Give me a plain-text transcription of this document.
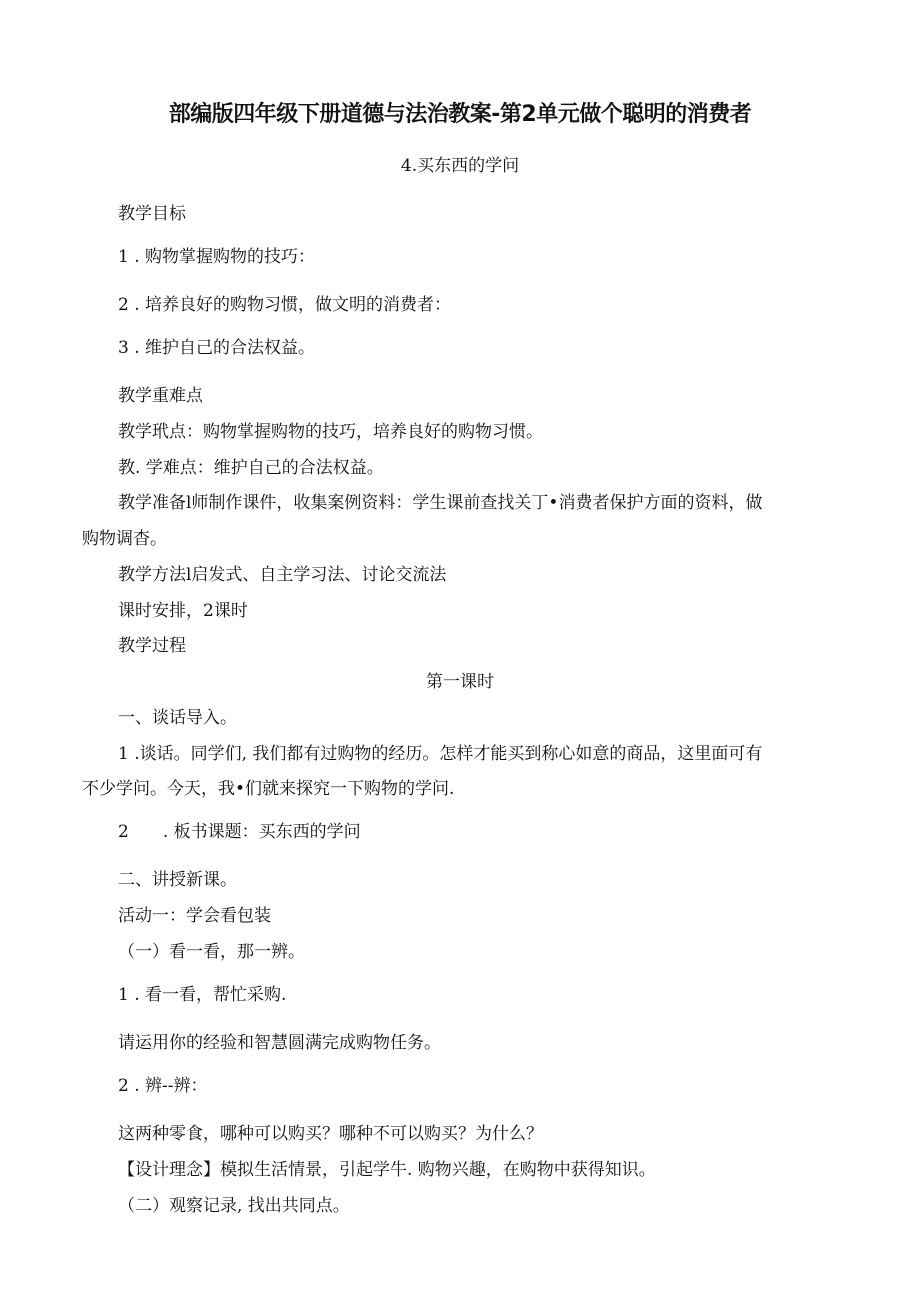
部编版四年级下册道德与法治教案-第2单元做个聪明的消费者
4.买东西的学问
教学目标
1 . 购物掌握购物的技巧：
2 . 培养良好的购物习惯，做文明的消费者：
3 . 维护自己的合法权益。
教学重难点
教学玳点：购物掌握购物的技巧，培养良好的购物习惯。
教. 学难点：维护自己的合法权益。
教学准备l师制作课件，收集案例资料：学生课前查找关丁•消费者保护方面的资料，做
购物调杳。
教学方法l启发式、自主学习法、讨论交流法
课时安排，2课时
教学过程
第一课时
一、谈话导入。
1 .谈话。同学们, 我们都有过购物的经历。怎样才能买到称心如意的商品，这里面可有
不少学问。今天，我•们就来探究一下购物的学问.
2　　. 板书课题：买东西的学问
二、讲授新课。
活动一：学会看包装
（一）看一看，那一辨。
1 . 看一看，帮忙采购.
请运用你的经验和智慧圆满完成购物任务。
2 . 辨--辨：
这两种零食，哪种可以购买？哪种不可以购买？为什么？
【设计理念】模拟生活情景，引起学牛. 购物兴趣，在购物中获得知识。
（二）观察记录, 找出共同点。
